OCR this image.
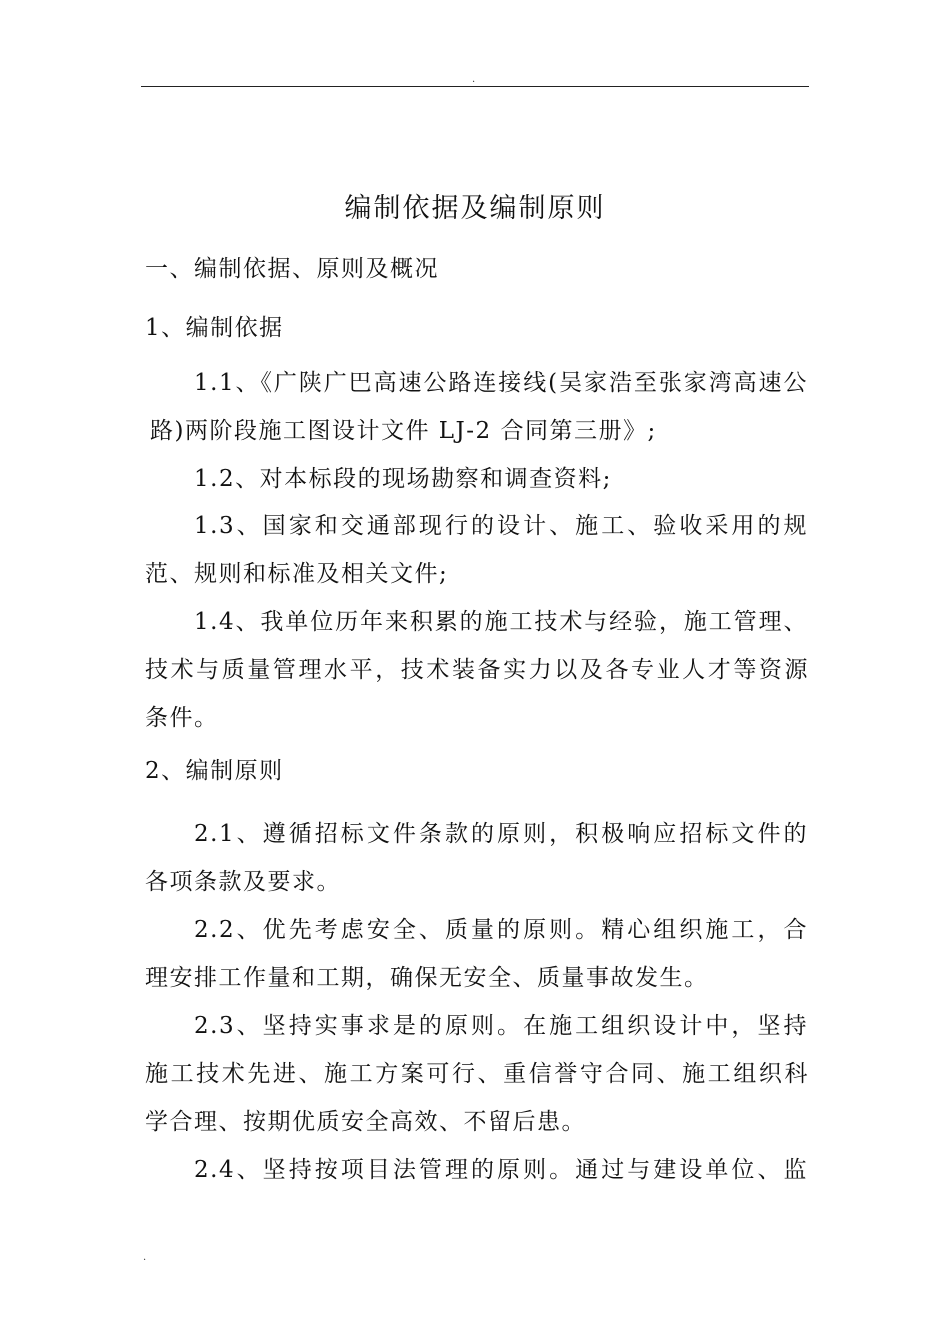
.
编制依据及编制原则
一、编制依据、原则及概况
1、编制依据
1.1、《广陕广巴高速公路连接线(吴家浩至张家湾高速公
路)两阶段施工图设计文件 LJ-2 合同第三册》;
1.2、对本标段的现场勘察和调查资料;
1.3、国家和交通部现行的设计、施工、验收采用的规
范、规则和标准及相关文件;
1.4、我单位历年来积累的施工技术与经验，施工管理、
技术与质量管理水平，技术装备实力以及各专业人才等资源
条件。
2、编制原则
2.1、遵循招标文件条款的原则，积极响应招标文件的
各项条款及要求。
2.2、优先考虑安全、质量的原则。精心组织施工，合
理安排工作量和工期，确保无安全、质量事故发生。
2.3、坚持实事求是的原则。在施工组织设计中，坚持
施工技术先进、施工方案可行、重信誉守合同、施工组织科
学合理、按期优质安全高效、不留后患。
2.4、坚持按项目法管理的原则。通过与建设单位、监
.
